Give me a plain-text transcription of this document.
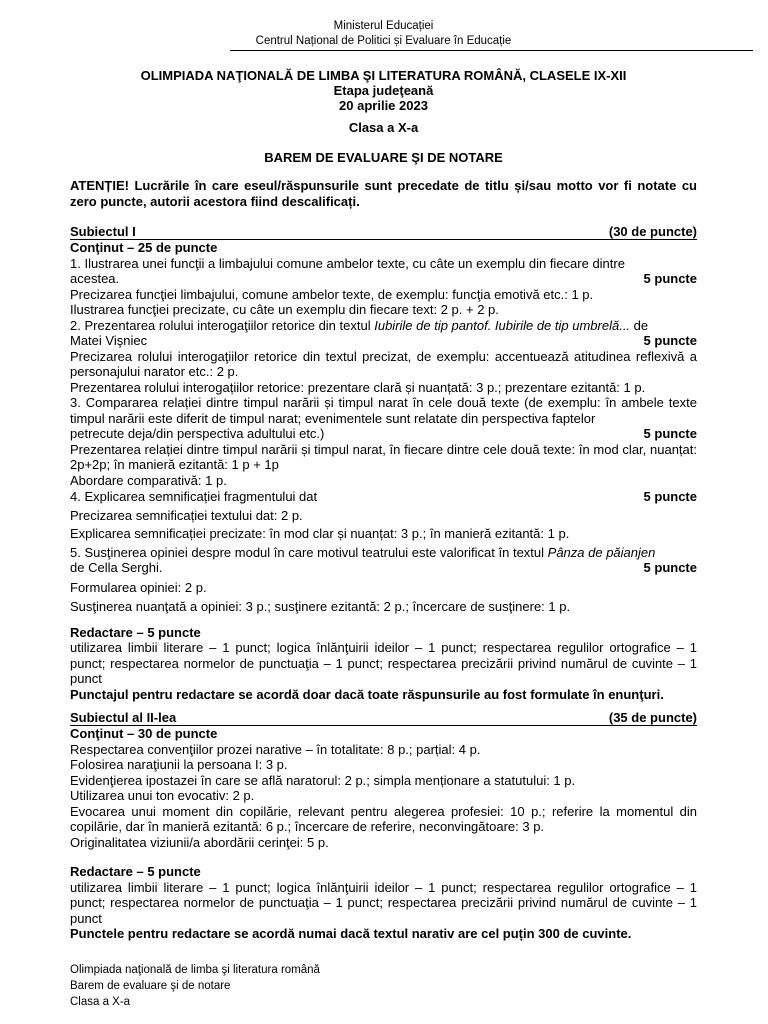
Ministerul Educației
Centrul Național de Politici și Evaluare în Educație
OLIMPIADA NAŢIONALĂ DE LIMBA ŞI LITERATURA ROMÂNĂ, CLASELE IX-XII
Etapa judeţeană
20 aprilie 2023
Clasa a X-a
BAREM DE EVALUARE ŞI DE NOTARE

ATENȚIE! Lucrările în care eseul/răspunsurile sunt precedate de titlu și/sau motto vor fi notate cu zero puncte, autorii acestora fiind descalificați.

Subiectul I	(30 de puncte)

Conţinut – 25 de puncte

1. Ilustrarea unei funcţii a limbajului comune ambelor texte, cu câte un exemplu din fiecare dintre

acestea.	5 puncte

Precizarea funcţiei limbajului, comune ambelor texte, de exemplu: funcţia emotivă etc.: 1 p.

Ilustrarea funcţiei precizate, cu câte un exemplu din fiecare text: 2 p. + 2 p.

2. Prezentarea rolului interogaţiilor retorice din textul Iubirile de tip pantof. Iubirile de tip umbrelă... de

Matei Vişniec	5 puncte

Precizarea rolului interogaţiilor retorice din textul precizat, de exemplu: accentuează atitudinea reflexivă a personajului narator etc.: 2 p.

Prezentarea rolului interogațiilor retorice: prezentare clară și nuanțată: 3 p.; prezentare ezitantă: 1 p.

3. Compararea relației dintre timpul narării și timpul narat în cele două texte (de exemplu: în ambele texte timpul narării este diferit de timpul narat; evenimentele sunt relatate din perspectiva faptelor

petrecute deja/din perspectiva adultului etc.)	5 puncte

Prezentarea relației dintre timpul narării și timpul narat, în fiecare dintre cele două texte: în mod clar, nuanțat: 2p+2p; în manieră ezitantă: 1 p + 1p

Abordare comparativă: 1 p.

4. Explicarea semnificației fragmentului dat	5 puncte

Precizarea semnificației textului dat: 2 p.

Explicarea semnificației precizate: în mod clar și nuanțat: 3 p.; în manieră ezitantă: 1 p.

5. Susţinerea opiniei despre modul în care motivul teatrului este valorificat în textul Pânza de păianjen

de Cella Serghi.	5 puncte

Formularea opiniei: 2 p.

Susţinerea nuanţată a opiniei: 3 p.; susţinere ezitantă: 2 p.; încercare de susţinere: 1 p.

Redactare – 5 puncte

utilizarea limbii literare – 1 punct; logica înlănţuirii ideilor – 1 punct; respectarea regulilor ortografice – 1 punct; respectarea normelor de punctuaţia – 1 punct; respectarea precizării privind numărul de cuvinte – 1 punct

Punctajul pentru redactare se acordă doar dacă toate răspunsurile au fost formulate în enunţuri.

Subiectul al II-lea	(35 de puncte)

Conţinut – 30 de puncte

Respectarea convenţiilor prozei narative – în totalitate: 8 p.; parțial: 4 p.

Folosirea naraţiunii la persoana I: 3 p.

Evidenţierea ipostazei în care se află naratorul: 2 p.; simpla menționare a statutului: 1 p.

Utilizarea unui ton evocativ: 2 p.

Evocarea unui moment din copilărie, relevant pentru alegerea profesiei: 10 p.; referire la momentul din copilărie, dar în manieră ezitantă: 6 p.; încercare de referire, neconvingătoare: 3 p.

Originalitatea viziunii/a abordării cerinţei: 5 p.

Redactare – 5 puncte

utilizarea limbii literare – 1 punct; logica înlănţuirii ideilor – 1 punct; respectarea regulilor ortografice – 1 punct; respectarea normelor de punctuaţia – 1 punct; respectarea precizării privind numărul de cuvinte – 1 punct

Punctele pentru redactare se acordă numai dacă textul narativ are cel puțin 300 de cuvinte.

Olimpiada naţională de limba şi literatura română
Barem de evaluare şi de notare
Clasa a X-a
